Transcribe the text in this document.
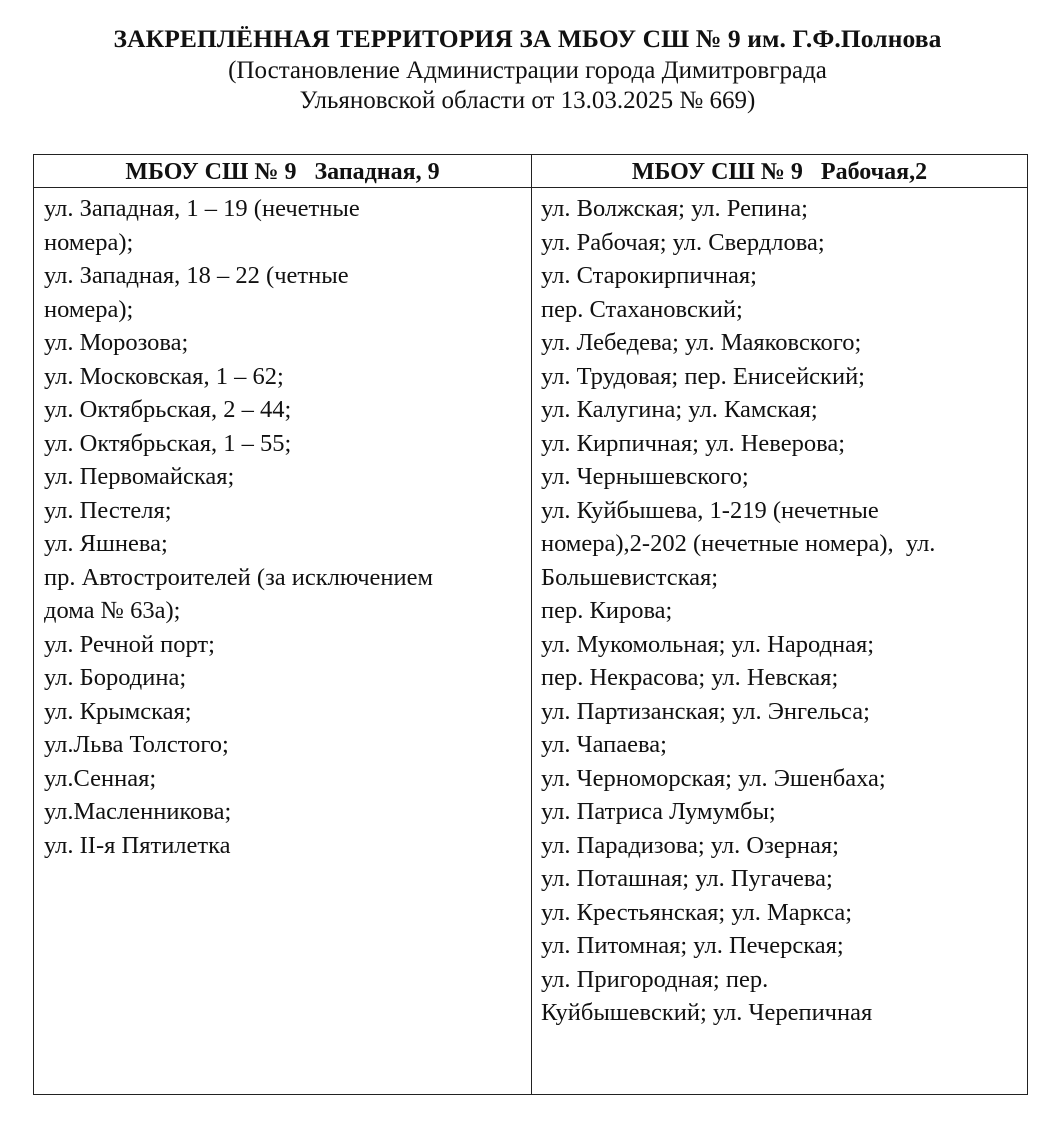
ЗАКРЕПЛЁННАЯ ТЕРРИТОРИЯ ЗА МБОУ СШ № 9 им. Г.Ф.Полнова
(Постановление Администрации города Димитровграда
Ульяновской области от 13.03.2025 № 669)
МБОУ СШ № 9   Западная, 9	МБОУ СШ № 9   Рабочая,2
ул. Западная, 1 – 19 (нечетные
номера);
ул. Западная, 18 – 22 (четные
номера);
ул. Морозова;
ул. Московская, 1 – 62;
ул. Октябрьская, 2 – 44;
ул. Октябрьская, 1 – 55;
ул. Первомайская;
ул. Пестеля;
ул. Яшнева;
пр. Автостроителей (за исключением
дома № 63а);
ул. Речной порт;
ул. Бородина;
ул. Крымская;
ул.Льва Толстого;
ул.Сенная;
ул.Масленникова;
ул. II-я Пятилетка
ул. Волжская; ул. Репина;
ул. Рабочая; ул. Свердлова;
ул. Старокирпичная;
пер. Стахановский;
ул. Лебедева; ул. Маяковского;
ул. Трудовая; пер. Енисейский;
ул. Калугина; ул. Камская;
ул. Кирпичная; ул. Неверова;
ул. Чернышевского;
ул. Куйбышева, 1-219 (нечетные
номера),2-202 (нечетные номера),  ул.
Большевистская;
пер. Кирова;
ул. Мукомольная; ул. Народная;
пер. Некрасова; ул. Невская;
ул. Партизанская; ул. Энгельса;
ул. Чапаева;
ул. Черноморская; ул. Эшенбаха;
ул. Патриса Лумумбы;
ул. Парадизова; ул. Озерная;
ул. Поташная; ул. Пугачева;
ул. Крестьянская; ул. Маркса;
ул. Питомная; ул. Печерская;
ул. Пригородная; пер.
Куйбышевский; ул. Черепичная
